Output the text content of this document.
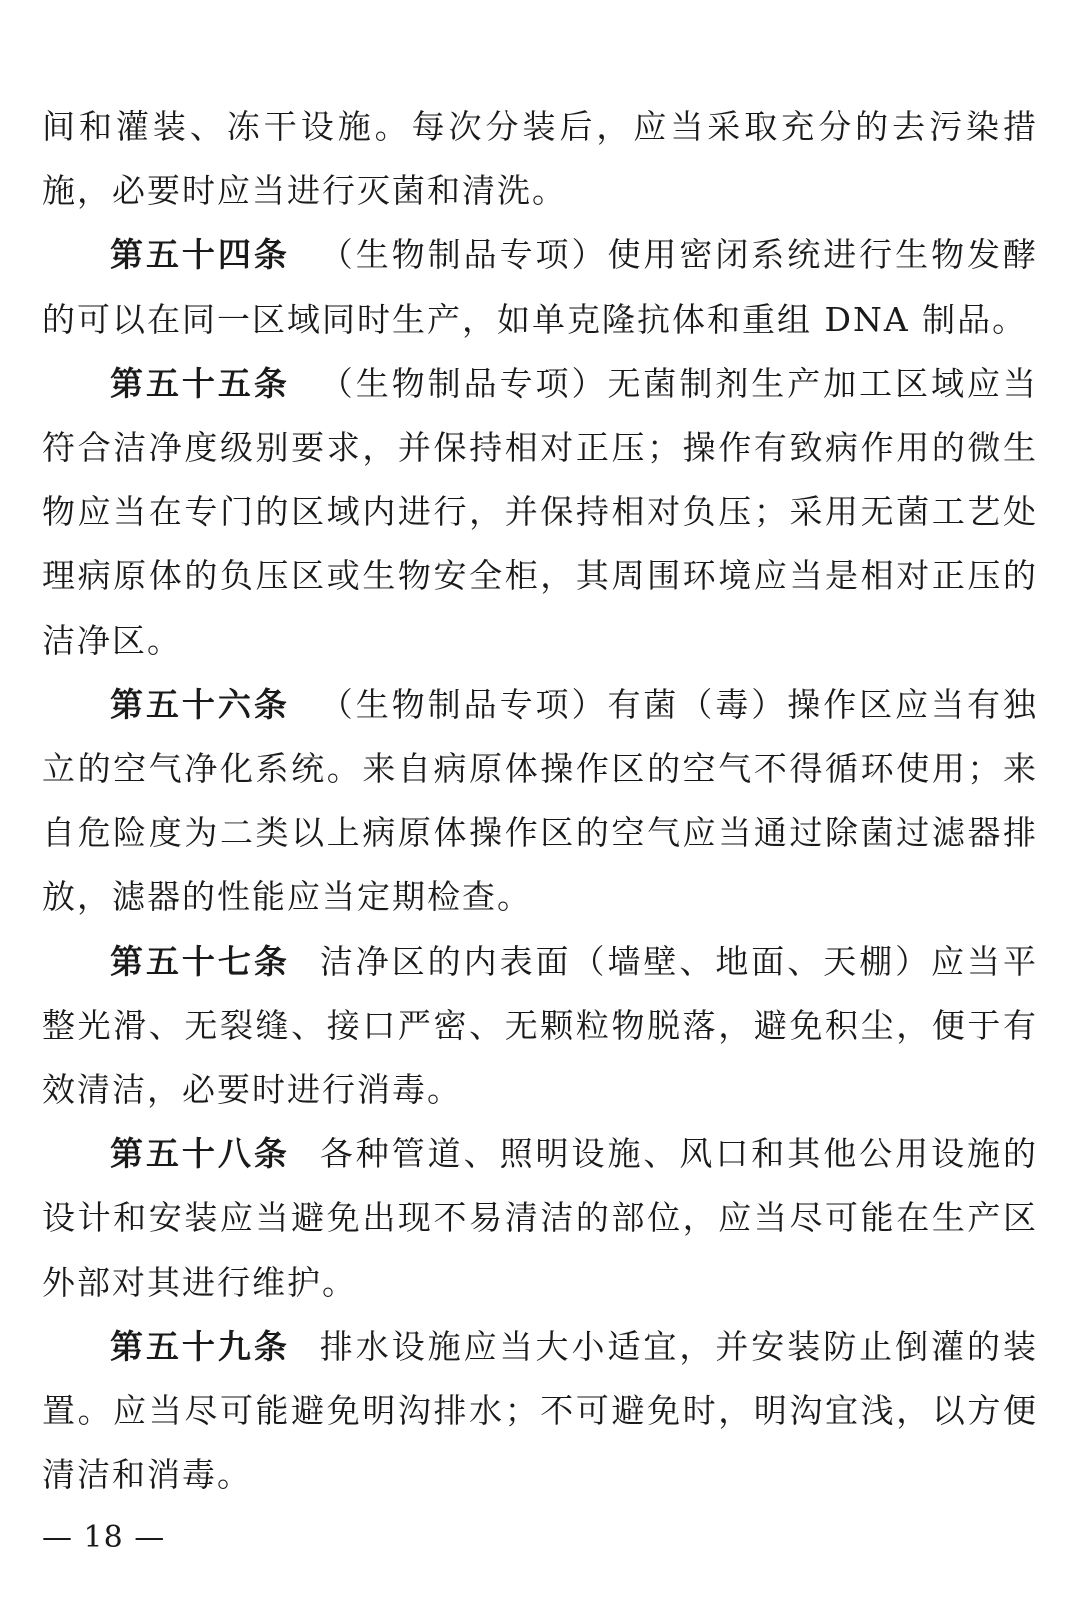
间和灌装、冻干设施。每次分装后，应当采取充分的去污染措施，必要时应当进行灭菌和清洗。

第五十四条 （生物制品专项）使用密闭系统进行生物发酵的可以在同一区域同时生产，如单克隆抗体和重组 DNA 制品。

第五十五条 （生物制品专项）无菌制剂生产加工区域应当符合洁净度级别要求，并保持相对正压；操作有致病作用的微生物应当在专门的区域内进行，并保持相对负压；采用无菌工艺处理病原体的负压区或生物安全柜，其周围环境应当是相对正压的洁净区。

第五十六条 （生物制品专项）有菌（毒）操作区应当有独立的空气净化系统。来自病原体操作区的空气不得循环使用；来自危险度为二类以上病原体操作区的空气应当通过除菌过滤器排放，滤器的性能应当定期检查。

第五十七条 洁净区的内表面（墙壁、地面、天棚）应当平整光滑、无裂缝、接口严密、无颗粒物脱落，避免积尘，便于有效清洁，必要时进行消毒。

第五十八条 各种管道、照明设施、风口和其他公用设施的设计和安装应当避免出现不易清洁的部位，应当尽可能在生产区外部对其进行维护。

第五十九条 排水设施应当大小适宜，并安装防止倒灌的装置。应当尽可能避免明沟排水；不可避免时，明沟宜浅，以方便清洁和消毒。

— 18 —
